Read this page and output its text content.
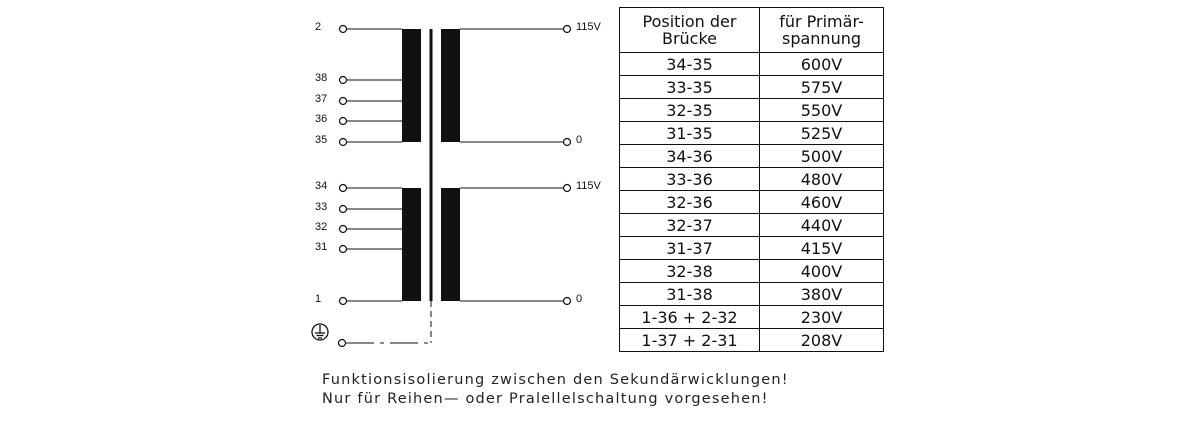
2
38
37
36
35
34
33
32
31
1
115V
0
115V
0
Position der
Brücke	für Primär-
spannung

34-35	600V
33-35	575V
32-35	550V
31-35	525V
34-36	500V
33-36	480V
32-36	460V
32-37	440V
31-37	415V
32-38	400V
31-38	380V
1-36 + 2-32	230V
1-37 + 2-31	208V
Funktionsisolierung zwischen den Sekundärwicklungen!
Nur für Reihen— oder Pralellelschaltung vorgesehen!
